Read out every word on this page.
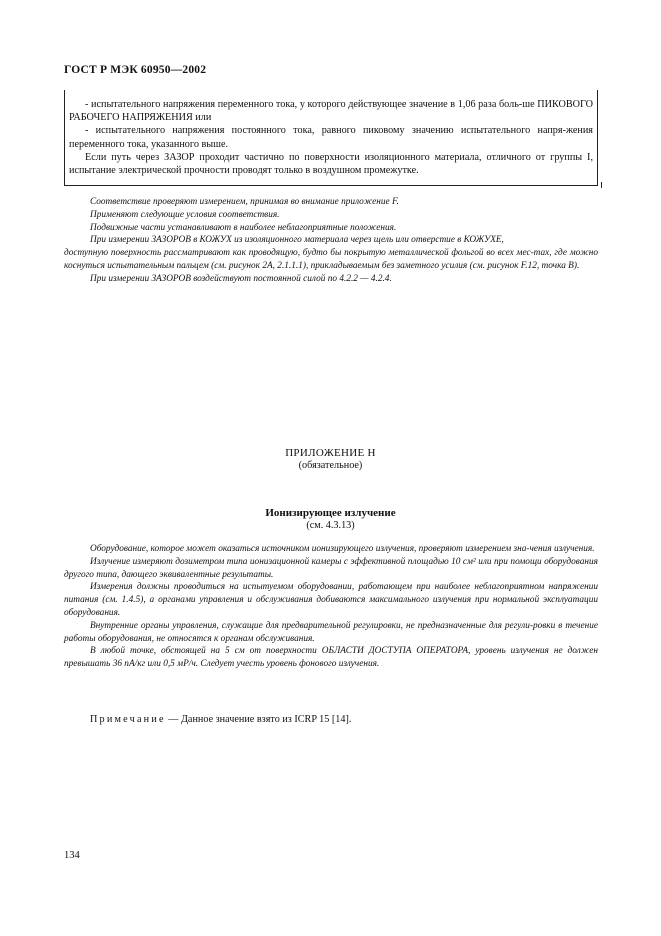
ГОСТ Р МЭК 60950—2002

- испытательного напряжения переменного тока, у которого действующее значение в 1,06 раза боль-ше ПИКОВОГО РАБОЧЕГО НАПРЯЖЕНИЯ или

- испытательного напряжения постоянного тока, равного пиковому значению испытательного напря-жения переменного тока, указанного выше.

Если путь через ЗАЗОР проходит частично по поверхности изоляционного материала, отличного от группы I, испытание электрической прочности проводят только в воздушном промежутке.

Соответствие проверяют измерением, принимая во внимание приложение F.

Применяют следующие условия соответствия.

Подвижные части устанавливают в наиболее неблагоприятные положения.

При измерении ЗАЗОРОВ в КОЖУХ из изоляционного материала через щель или отверстие в КОЖУХЕ,

доступную поверхность рассматривают как проводящую, будто бы покрытую металлической фольгой во всех мес-тах, где можно коснуться испытательным пальцем (см. рисунок 2А, 2.1.1.1), прикладываемым без заметного усилия (см. рисунок F.12, точка В).

При измерении ЗАЗОРОВ воздействуют постоянной силой по 4.2.2 — 4.2.4.

ПРИЛОЖЕНИЕ Н
(обязательное)
Ионизирующее излучение
(см. 4.3.13)

Оборудование, которое может оказаться источником ионизирующего излучения, проверяют измерением зна-чения излучения.

Излучение измеряют дозиметром типа ионизационной камеры с эффективной площадью 10 см² или при помощи оборудования другого типа, дающего эквивалентные результаты.

Измерения должны проводиться на испытуемом оборудовании, работающем при наиболее неблагоприятном напряжении питания (см. 1.4.5), а органами управления и обслуживания добиваются максимального излучения при нормальной эксплуатации оборудования.

Внутренние органы управления, служащие для предварительной регулировки, не предназначенные для регули-ровки в течение работы оборудования, не относятся к органам обслуживания.

В любой точке, обстоящей на 5 см от поверхности ОБЛАСТИ ДОСТУПА ОПЕРАТОРА, уровень излучения не должен превышать 36 пА/кг или 0,5 мР/ч. Следует учесть уровень фонового излучения.

Примечание — Данное значение взято из ICRP 15 [14].
134
